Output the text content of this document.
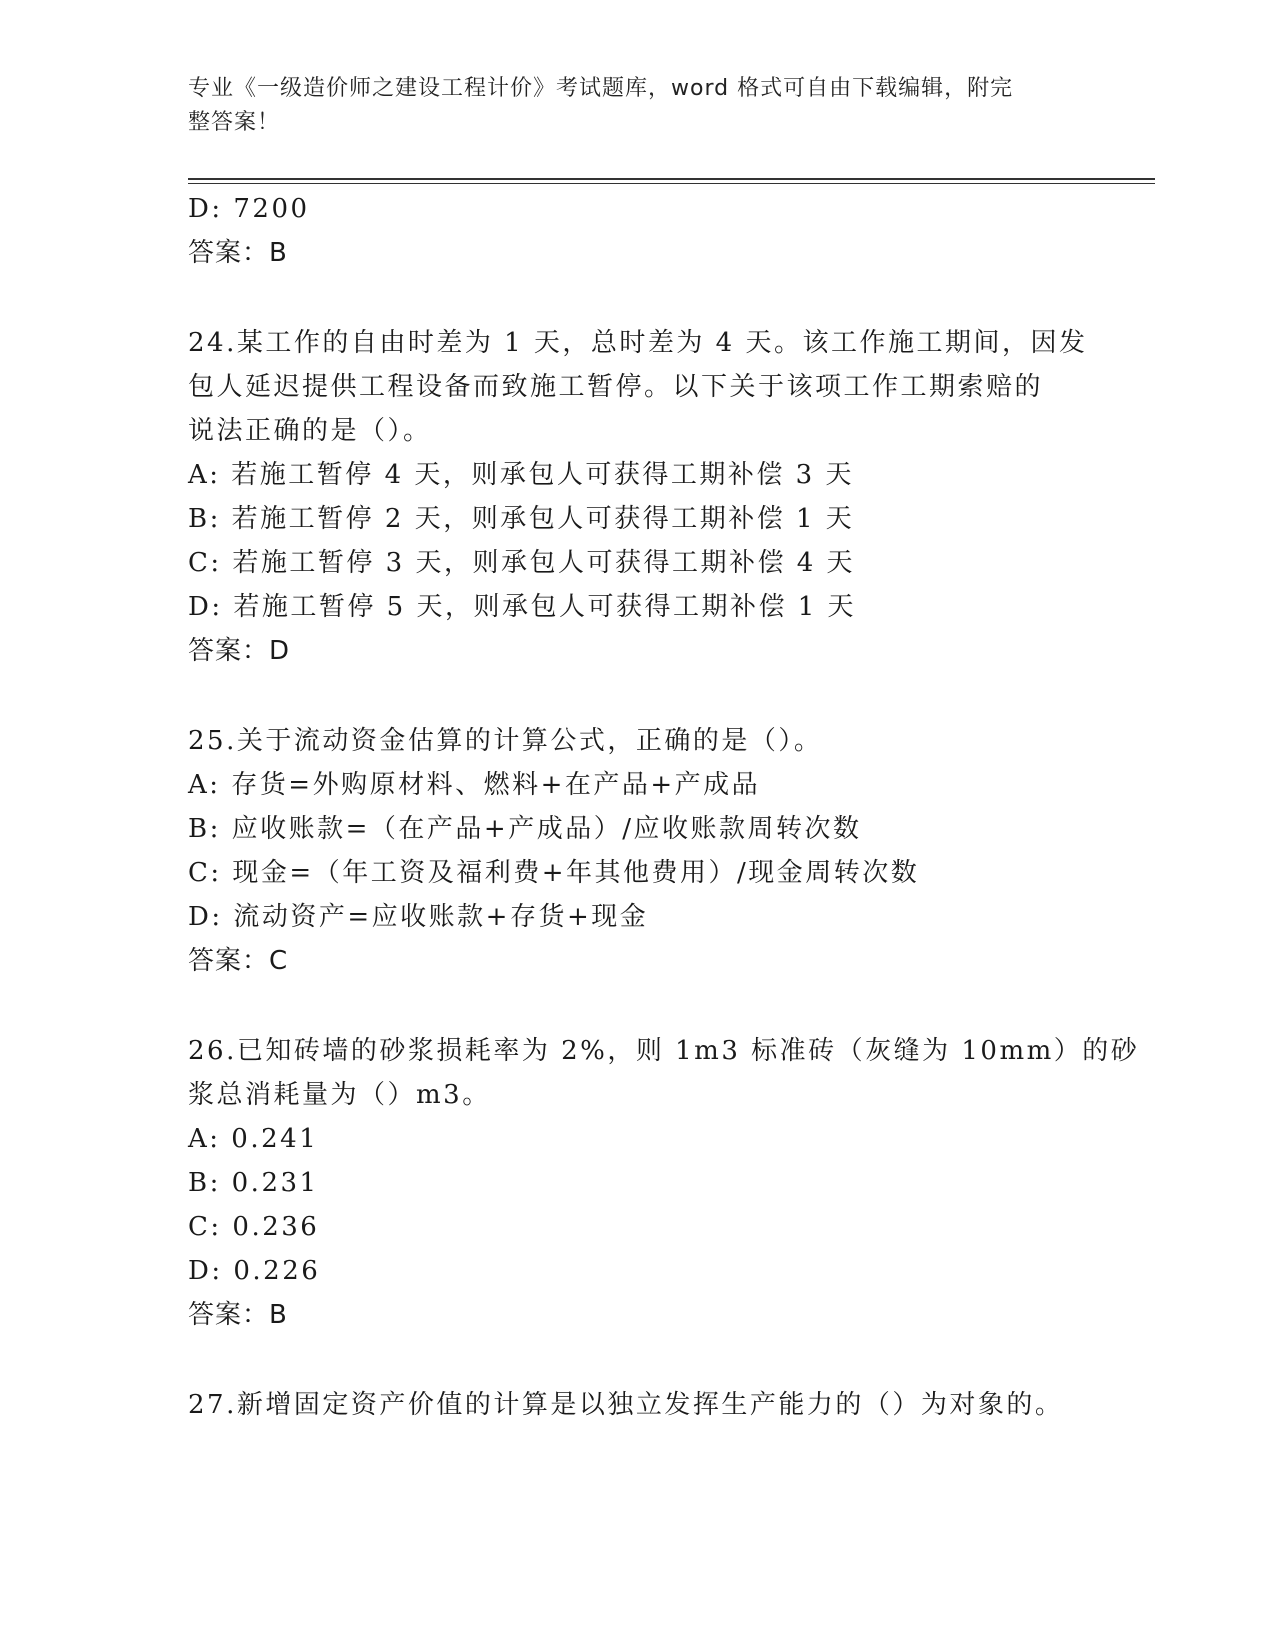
专业《一级造价师之建设工程计价》考试题库，word 格式可自由下载编辑，附完
整答案！
D: 7200
答案：B
24.某工作的自由时差为 1 天，总时差为 4 天。该工作施工期间，因发
包人延迟提供工程设备而致施工暂停。以下关于该项工作工期索赔的
说法正确的是（）。
A: 若施工暂停 4 天，则承包人可获得工期补偿 3 天
B: 若施工暂停 2 天，则承包人可获得工期补偿 1 天
C: 若施工暂停 3 天，则承包人可获得工期补偿 4 天
D: 若施工暂停 5 天，则承包人可获得工期补偿 1 天
答案：D
25.关于流动资金估算的计算公式，正确的是（）。
A: 存货=外购原材料、燃料+在产品+产成品
B: 应收账款=（在产品+产成品）/应收账款周转次数
C: 现金=（年工资及福利费+年其他费用）/现金周转次数
D: 流动资产=应收账款+存货+现金
答案：C
26.已知砖墙的砂浆损耗率为 2%，则 1m3 标准砖（灰缝为 10mm）的砂
浆总消耗量为（）m3。
A: 0.241
B: 0.231
C: 0.236
D: 0.226
答案：B
27.新增固定资产价值的计算是以独立发挥生产能力的（）为对象的。
